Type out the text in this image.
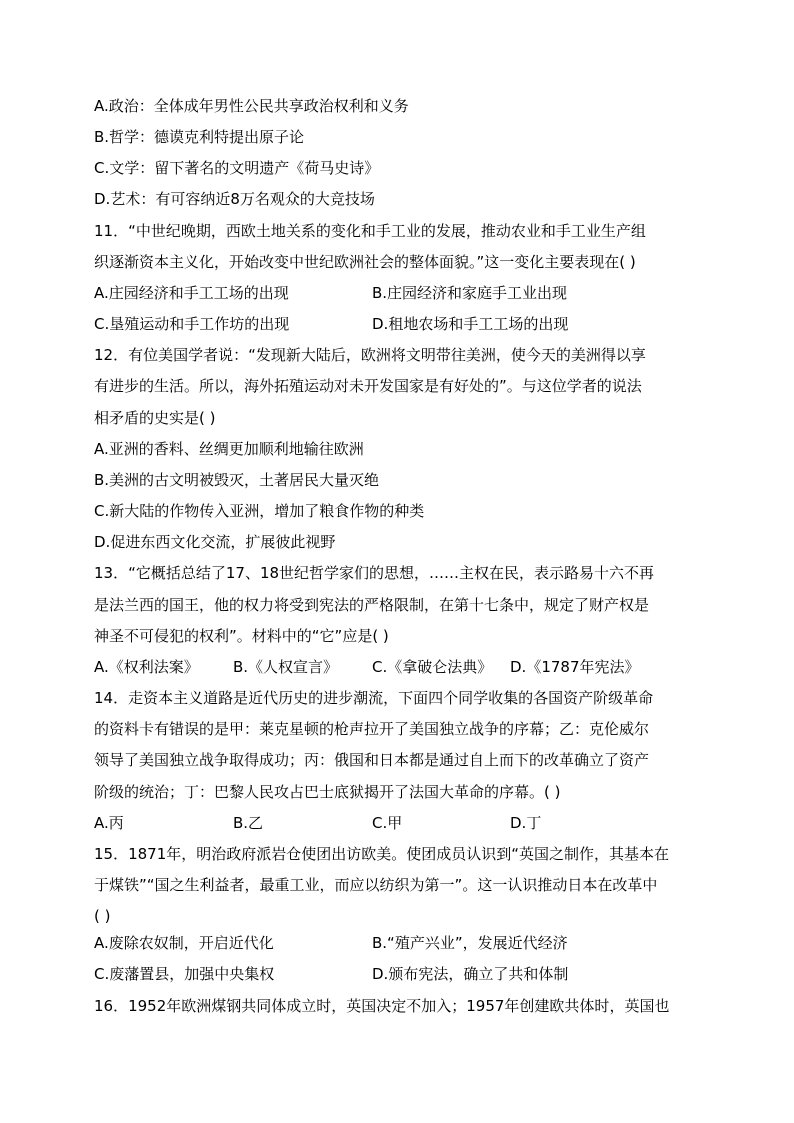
A.政治：全体成年男性公民共享政治权利和义务
B.哲学：德谟克利特提出原子论
C.文学：留下著名的文明遗产《荷马史诗》
D.艺术：有可容纳近8万名观众的大竞技场
11．“中世纪晚期，西欧土地关系的变化和手工业的发展，推动农业和手工业生产组
织逐渐资本主义化，开始改变中世纪欧洲社会的整体面貌。”这一变化主要表现在( )
A.庄园经济和手工工场的出现	B.庄园经济和家庭手工业出现
C.垦殖运动和手工作坊的出现	D.租地农场和手工工场的出现
12．有位美国学者说：“发现新大陆后，欧洲将文明带往美洲，使今天的美洲得以享
有进步的生活。所以，海外拓殖运动对未开发国家是有好处的”。与这位学者的说法
相矛盾的史实是( )
A.亚洲的香料、丝绸更加顺利地输往欧洲
B.美洲的古文明被毁灭，土著居民大量灭绝
C.新大陆的作物传入亚洲，增加了粮食作物的种类
D.促进东西文化交流，扩展彼此视野
13．“它概括总结了17、18世纪哲学家们的思想，……主权在民，表示路易十六不再
是法兰西的国王，他的权力将受到宪法的严格限制，在第十七条中，规定了财产权是
神圣不可侵犯的权利”。材料中的“它”应是( )
A.《权利法案》 B.《人权宣言》 C.《拿破仑法典》 D.《1787年宪法》
14．走资本主义道路是近代历史的进步潮流，下面四个同学收集的各国资产阶级革命
的资料卡有错误的是甲：莱克星顿的枪声拉开了美国独立战争的序幕；乙：克伦威尔
领导了美国独立战争取得成功；丙：俄国和日本都是通过自上而下的改革确立了资产
阶级的统治；丁：巴黎人民攻占巴士底狱揭开了法国大革命的序幕。( )
A.丙	B.乙	C.甲	D.丁
15．1871年，明治政府派岩仓使团出访欧美。使团成员认识到“英国之制作，其基本在
于煤铁”“国之生利益者，最重工业，而应以纺织为第一”。这一认识推动日本在改革中
( )
A.废除农奴制，开启近代化	B.“殖产兴业”，发展近代经济
C.废藩置县，加强中央集权	D.颁布宪法，确立了共和体制
16．1952年欧洲煤钢共同体成立时，英国决定不加入；1957年创建欧共体时，英国也
